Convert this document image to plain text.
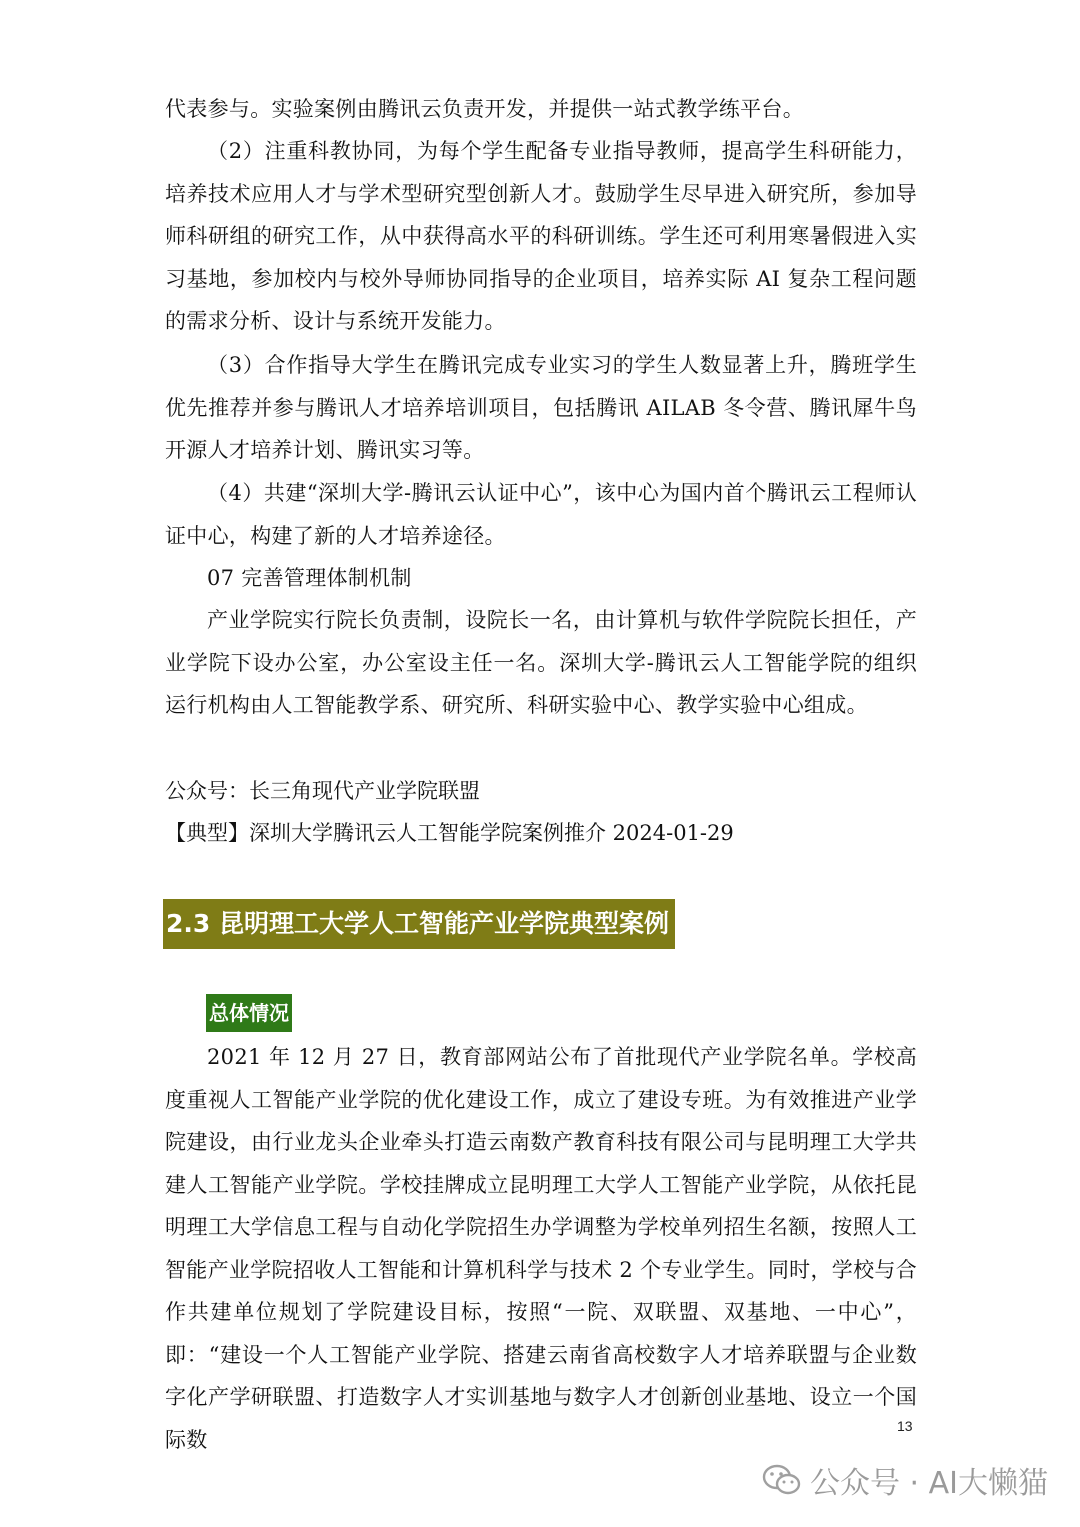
代表参与。实验案例由腾讯云负责开发，并提供一站式教学练平台。

（2）注重科教协同，为每个学生配备专业指导教师，提高学生科研能力，培养技术应用人才与学术型研究型创新人才。鼓励学生尽早进入研究所，参加导师科研组的研究工作，从中获得高水平的科研训练。学生还可利用寒暑假进入实习基地，参加校内与校外导师协同指导的企业项目，培养实际 AI 复杂工程问题的需求分析、设计与系统开发能力。

（3）合作指导大学生在腾讯完成专业实习的学生人数显著上升，腾班学生优先推荐并参与腾讯人才培养培训项目，包括腾讯 AILAB 冬令营、腾讯犀牛鸟开源人才培养计划、腾讯实习等。

（4）共建“深圳大学-腾讯云认证中心”，该中心为国内首个腾讯云工程师认证中心，构建了新的人才培养途径。

07 完善管理体制机制

产业学院实行院长负责制，设院长一名，由计算机与软件学院院长担任，产业学院下设办公室，办公室设主任一名。深圳大学-腾讯云人工智能学院的组织运行机构由人工智能教学系、研究所、科研实验中心、教学实验中心组成。

公众号：长三角现代产业学院联盟

【典型】深圳大学腾讯云人工智能学院案例推介 2024-01-29

2.3 昆明理工大学人工智能产业学院典型案例
总体情况

2021 年 12 月 27 日，教育部网站公布了首批现代产业学院名单。学校高度重视人工智能产业学院的优化建设工作，成立了建设专班。为有效推进产业学院建设，由行业龙头企业牵头打造云南数产教育科技有限公司与昆明理工大学共建人工智能产业学院。学校挂牌成立昆明理工大学人工智能产业学院，从依托昆明理工大学信息工程与自动化学院招生办学调整为学校单列招生名额，按照人工智能产业学院招收人工智能和计算机科学与技术 2 个专业学生。同时，学校与合作共建单位规划了学院建设目标，按照“一院、双联盟、双基地、一中心”，即：“建设一个人工智能产业学院、搭建云南省高校数字人才培养联盟与企业数字化产学研联盟、打造数字人才实训基地与数字人才创新创业基地、设立一个国际数

13
公众号 · AI大懒猫
